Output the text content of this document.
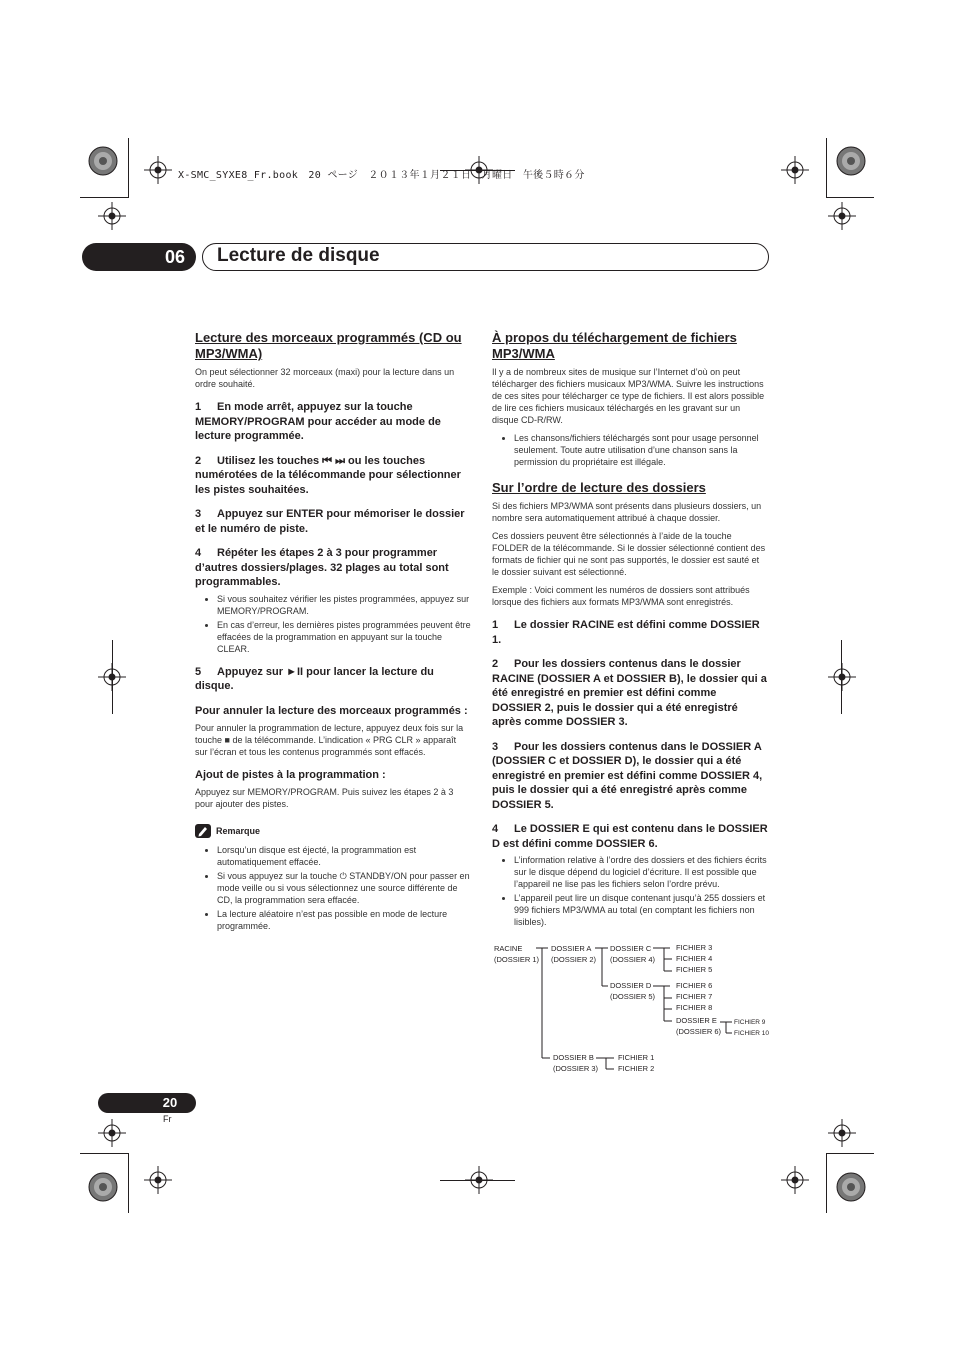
X-SMC_SYXE8_Fr.book　20 ページ　２０１３年１月２１日　月曜日　午後５時６分
06	Lecture de disque
Lecture des morceaux programmés (CD ou MP3/WMA)

On peut sélectionner 32 morceaux (maxi) pour la lecture dans un ordre souhaité.

1 En mode arrêt, appuyez sur la touche MEMORY/PROGRAM pour accéder au mode de lecture programmée.
2 Utilisez les touches ⏮ ⏭ ou les touches numérotées de la télécommande pour sélectionner les pistes souhaitées.
3 Appuyez sur ENTER pour mémoriser le dossier et le numéro de piste.
4 Répéter les étapes 2 à 3 pour programmer d’autres dossiers/plages. 32 plages au total sont programmables.
• Si vous souhaitez vérifier les pistes programmées, appuyez sur MEMORY/PROGRAM.
• En cas d’erreur, les dernières pistes programmées peuvent être effacées de la programmation en appuyant sur la touche CLEAR.
5 Appuyez sur ►II pour lancer la lecture du disque.
Pour annuler la lecture des morceaux programmés :

Pour annuler la programmation de lecture, appuyez deux fois sur la touche ■ de la télécommande. L’indication « PRG CLR » apparaît sur l’écran et tous les contenus programmés sont effacés.

Ajout de pistes à la programmation :

Appuyez sur MEMORY/PROGRAM. Puis suivez les étapes 2 à 3 pour ajouter des pistes.

Remarque
• Lorsqu’un disque est éjecté, la programmation est automatiquement effacée.
• Si vous appuyez sur la touche ⏻ STANDBY/ON pour passer en mode veille ou si vous sélectionnez une source différente de CD, la programmation sera effacée.
• La lecture aléatoire n’est pas possible en mode de lecture programmée.
À propos du téléchargement de fichiers MP3/WMA

Il y a de nombreux sites de musique sur l’Internet d’où on peut télécharger des fichiers musicaux MP3/WMA. Suivre les instructions de ces sites pour télécharger ce type de fichiers. Il est alors possible de lire ces fichiers musicaux téléchargés en les gravant sur un disque CD-R/RW.

• Les chansons/fichiers téléchargés sont pour usage personnel seulement. Toute autre utilisation d’une chanson sans la permission du propriétaire est illégale.
Sur l’ordre de lecture des dossiers

Si des fichiers MP3/WMA sont présents dans plusieurs dossiers, un nombre sera automatiquement attribué à chaque dossier.

Ces dossiers peuvent être sélectionnés à l’aide de la touche FOLDER de la télécommande. Si le dossier sélectionné contient des formats de fichier qui ne sont pas supportés, le dossier est sauté et le dossier suivant est sélectionné.

Exemple : Voici comment les numéros de dossiers sont attribués lorsque des fichiers aux formats MP3/WMA sont enregistrés.

1 Le dossier RACINE est défini comme DOSSIER 1.
2 Pour les dossiers contenus dans le dossier RACINE (DOSSIER A et DOSSIER B), le dossier qui a été enregistré en premier est défini comme DOSSIER 2, puis le dossier qui a été enregistré après comme DOSSIER 3.
3 Pour les dossiers contenus dans le DOSSIER A (DOSSIER C et DOSSIER D), le dossier qui a été enregistré en premier est défini comme DOSSIER 4, puis le dossier qui a été enregistré après comme DOSSIER 5.
4 Le DOSSIER E qui est contenu dans le DOSSIER D est défini comme DOSSIER 6.
• L’information relative à l’ordre des dossiers et des fichiers écrits sur le disque dépend du logiciel d’écriture. Il est possible que l’appareil ne lise pas les fichiers selon l’ordre prévu.
• L’appareil peut lire un disque contenant jusqu’à 255 dossiers et 999 fichiers MP3/WMA au total (en comptant les fichiers non lisibles).
RACINE
(DOSSIER 1)
DOSSIER A
(DOSSIER 2)
DOSSIER C
(DOSSIER 4)
DOSSIER D
(DOSSIER 5)
DOSSIER E
(DOSSIER 6)
DOSSIER B
(DOSSIER 3)
FICHIER 3
FICHIER 4
FICHIER 5
FICHIER 6
FICHIER 7
FICHIER 8
FICHIER 9
FICHIER 10
FICHIER 1
FICHIER 2
20
Fr
